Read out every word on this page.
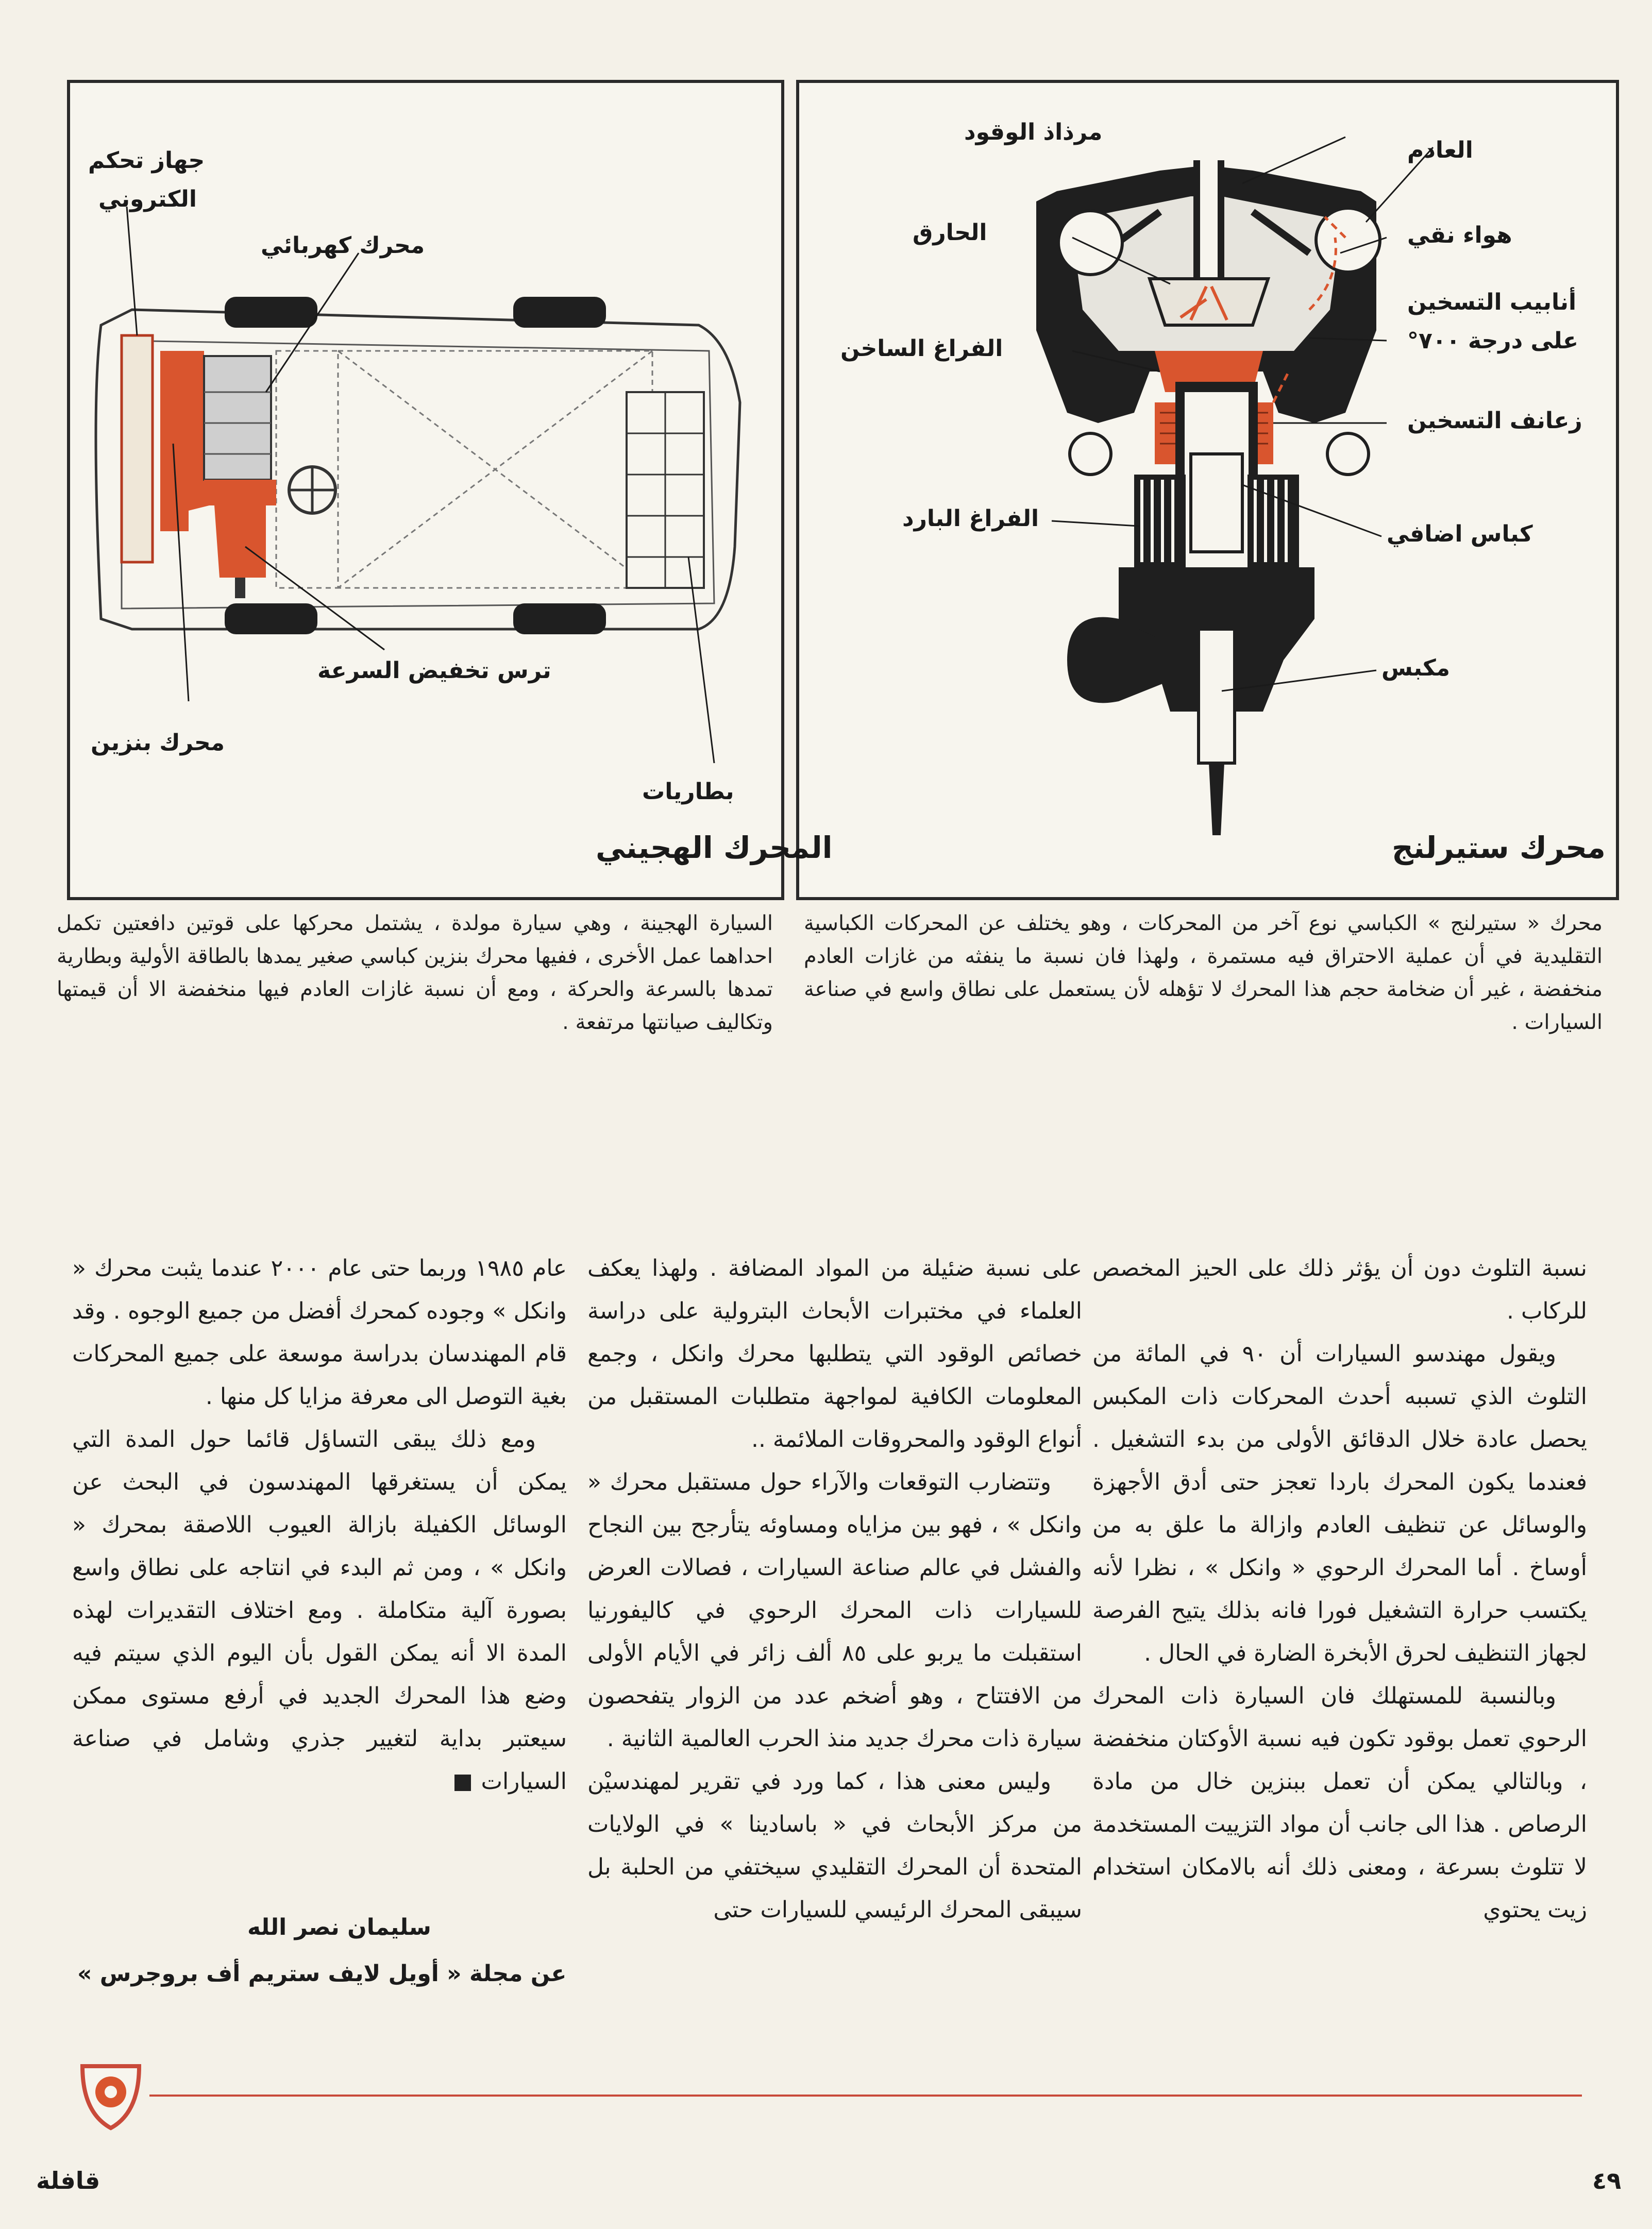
مرذاذ الوقود
العادم
الحارق	هواء نقي
أنابيب التسخين
على درجة ٧٠٠°
الفراغ الساخن
زعانف التسخين
الفراغ البارد
كباس اضافي
مكبس
محرك ستيرلنج
جهاز تحكم
الكتروني
محرك كهربائي
ترس تخفيض السرعة
محرك بنزين
بطاريات
المحرك الهجيني
محرك « ستيرلنج » الكباسي نوع آخر من المحركات ، وهو يختلف عن المحركات الكباسية التقليدية في أن عملية الاحتراق فيه مستمرة ، ولهذا فان نسبة ما ينفثه من غازات العادم منخفضة ، غير أن ضخامة حجم هذا المحرك لا تؤهله لأن يستعمل على نطاق واسع في صناعة السيارات .
السيارة الهجينة ، وهي سيارة مولدة ، يشتمل محركها على قوتين دافعتين تكمل احداهما عمل الأخرى ، ففيها محرك بنزين كباسي صغير يمدها بالطاقة الأولية وبطارية تمدها بالسرعة والحركة ، ومع أن نسبة غازات العادم فيها منخفضة الا أن قيمتها وتكاليف صيانتها مرتفعة .

نسبة التلوث دون أن يؤثر ذلك على الحيز المخصص للركاب .

ويقول مهندسو السيارات أن ٩٠ في المائة من التلوث الذي تسببه أحدث المحركات ذات المكبس يحصل عادة خلال الدقائق الأولى من بدء التشغيل . فعندما يكون المحرك باردا تعجز حتى أدق الأجهزة والوسائل عن تنظيف العادم وازالة ما علق به من أوساخ . أما المحرك الرحوي « وانكل » ، نظرا لأنه يكتسب حرارة التشغيل فورا فانه بذلك يتيح الفرصة لجهاز التنظيف لحرق الأبخرة الضارة في الحال .

وبالنسبة للمستهلك فان السيارة ذات المحرك الرحوي تعمل بوقود تكون فيه نسبة الأوكتان منخفضة ، وبالتالي يمكن أن تعمل ببنزين خال من مادة الرصاص . هذا الى جانب أن مواد التزييت المستخدمة لا تتلوث بسرعة ، ومعنى ذلك أنه بالامكان استخدام زيت يحتوي

على نسبة ضئيلة من المواد المضافة . ولهذا يعكف العلماء في مختبرات الأبحاث البترولية على دراسة خصائص الوقود التي يتطلبها محرك وانكل ، وجمع المعلومات الكافية لمواجهة متطلبات المستقبل من أنواع الوقود والمحروقات الملائمة ..

وتتضارب التوقعات والآراء حول مستقبل محرك « وانكل » ، فهو بين مزاياه ومساوئه يتأرجح بين النجاح والفشل في عالم صناعة السيارات ، فصالات العرض للسيارات ذات المحرك الرحوي في كاليفورنيا استقبلت ما يربو على ٨٥ ألف زائر في الأيام الأولى من الافتتاح ، وهو أضخم عدد من الزوار يتفحصون سيارة ذات محرك جديد منذ الحرب العالمية الثانية .

وليس معنى هذا ، كما ورد في تقرير لمهندسيْن من مركز الأبحاث في « باسادينا » في الولايات المتحدة أن المحرك التقليدي سيختفي من الحلبة بل سيبقى المحرك الرئيسي للسيارات حتى

عام ١٩٨٥ وربما حتى عام ٢٠٠٠ عندما يثبت محرك « وانكل » وجوده كمحرك أفضل من جميع الوجوه . وقد قام المهندسان بدراسة موسعة على جميع المحركات بغية التوصل الى معرفة مزايا كل منها .

ومع ذلك يبقى التساؤل قائما حول المدة التي يمكن أن يستغرقها المهندسون في البحث عن الوسائل الكفيلة بازالة العيوب اللاصقة بمحرك « وانكل » ، ومن ثم البدء في انتاجه على نطاق واسع بصورة آلية متكاملة . ومع اختلاف التقديرات لهذه المدة الا أنه يمكن القول بأن اليوم الذي سيتم فيه وضع هذا المحرك الجديد في أرفع مستوى ممكن سيعتبر بداية لتغيير جذري وشامل في صناعة السيارات

سليمان نصر الله
عن مجلة « أويل لايف ستريم أف بروجرس »
٤٩
قافلة
